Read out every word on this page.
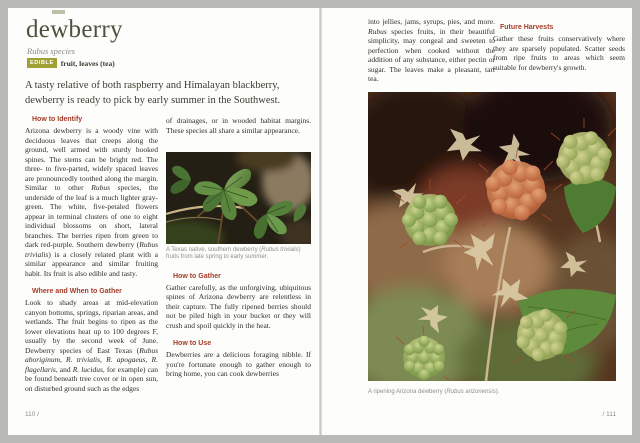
dewberry
Rubus species
EDIBLE fruit, leaves (tea)
A tasty relative of both raspberry and Himalayan blackberry, dewberry is ready to pick by early summer in the Southwest.
How to Identify

Arizona dewberry is a woody vine with deciduous leaves that creeps along the ground, well armed with sturdy hooked spines. The stems can be bright red. The three- to five-parted, widely spaced leaves are pronouncedly toothed along the margin. Similar to other Rubus species, the underside of the leaf is a much lighter gray-green. The white, five-petaled flowers appear in terminal clusters of one to eight individual blossoms on short, lateral branches. The berries ripen from green to dark red-purple. Southern dewberry (Rubus trivialis) is a closely related plant with a similar appearance and similar fruiting habit. Its fruit is also edible and tasty.

Where and When to Gather

Look to shady areas at mid-elevation canyon bottoms, springs, riparian areas, and wetlands. The fruit begins to ripen as the lower elevations heat up to 100 degrees F, usually by the second week of June. Dewberry species of East Texas (Rubus aboriginum, R. trivialis, R. apogaeus, R. flagellaris, and R. lucidus, for example) can be found beneath tree cover or in open sun, on disturbed ground such as the edges

of drainages, or in wooded habitat margins. These species all share a similar appearance.

A Texas native, southern dewberry (Rubus trivialis) fruits from late spring to early summer.
How to Gather

Gather carefully, as the unforgiving, ubiquitous spines of Arizona dewberry are relentless in their capture. The fully ripened berries should not be piled high in your bucket or they will crush and spoil quickly in the heat.

How to Use

Dewberries are a delicious foraging nibble. If you're fortunate enough to gather enough to bring home, you can cook dewberries

into jellies, jams, syrups, pies, and more. Rubus species fruits, in their beautiful simplicity, may congeal and sweeten to perfection when cooked without the addition of any substance, either pectin or sugar. The leaves make a pleasant, tart tea.

Future Harvests

Gather these fruits conservatively where they are sparsely populated. Scatter seeds from ripe fruits to areas which seem suitable for dewberry's growth.

A ripening Arizona dewberry (Rubus arizonensis).
110 /	/ 111
